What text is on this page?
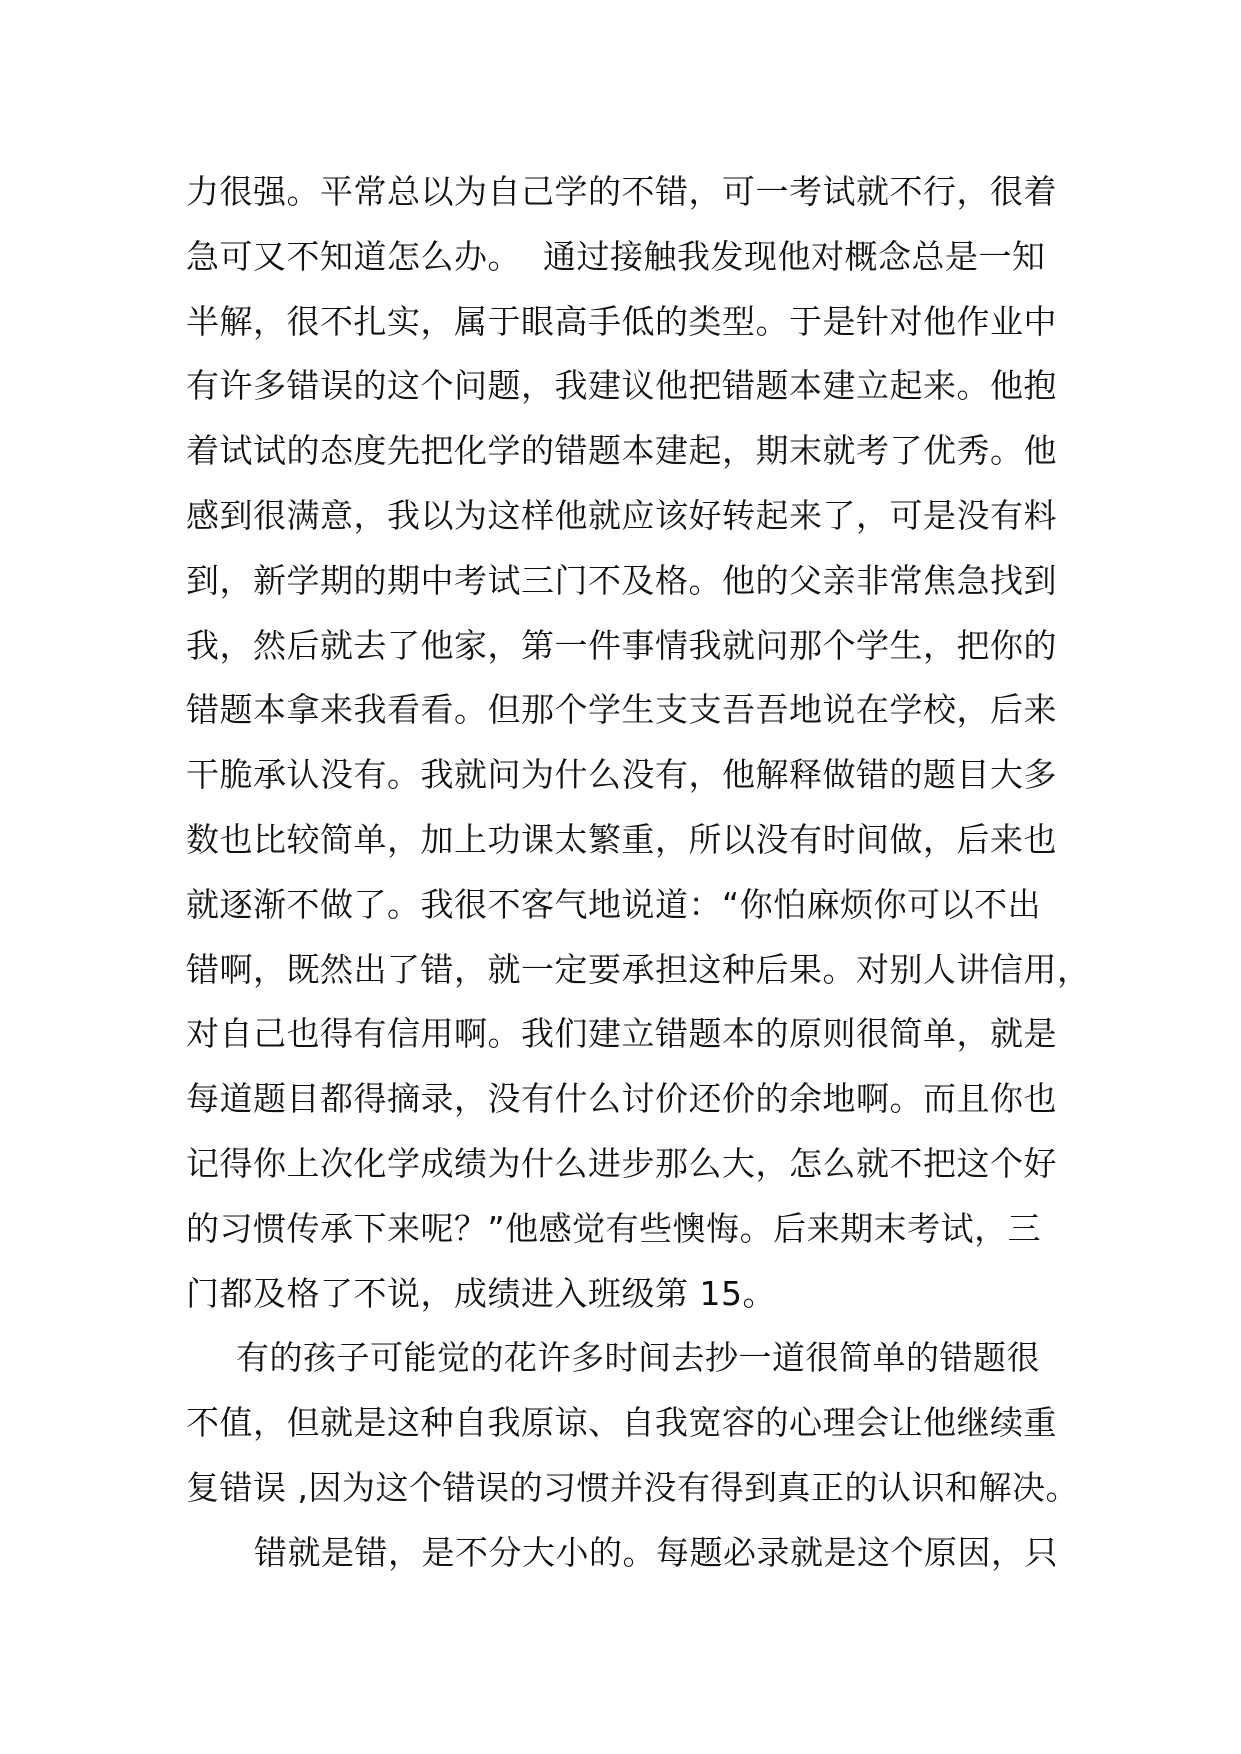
力很强。平常总以为自己学的不错，可一考试就不行，很着
急可又不知道怎么办。  通过接触我发现他对概念总是一知
半解，很不扎实，属于眼高手低的类型。于是针对他作业中
有许多错误的这个问题，我建议他把错题本建立起来。他抱
着试试的态度先把化学的错题本建起，期末就考了优秀。他
感到很满意，我以为这样他就应该好转起来了，可是没有料
到，新学期的期中考试三门不及格。他的父亲非常焦急找到
我，然后就去了他家，第一件事情我就问那个学生，把你的
错题本拿来我看看。但那个学生支支吾吾地说在学校，后来
干脆承认没有。我就问为什么没有，他解释做错的题目大多
数也比较简单，加上功课太繁重，所以没有时间做，后来也
就逐渐不做了。我很不客气地说道：“你怕麻烦你可以不出
错啊，既然出了错，就一定要承担这种后果。对别人讲信用，
对自己也得有信用啊。我们建立错题本的原则很简单，就是
每道题目都得摘录，没有什么讨价还价的余地啊。而且你也
记得你上次化学成绩为什么进步那么大，怎么就不把这个好
的习惯传承下来呢？”他感觉有些懊悔。后来期末考试，三
门都及格了不说，成绩进入班级第 15。
有的孩子可能觉的花许多时间去抄一道很简单的错题很
不值，但就是这种自我原谅、自我宽容的心理会让他继续重
复错误 ,因为这个错误的习惯并没有得到真正的认识和解决。
错就是错，是不分大小的。每题必录就是这个原因，只
